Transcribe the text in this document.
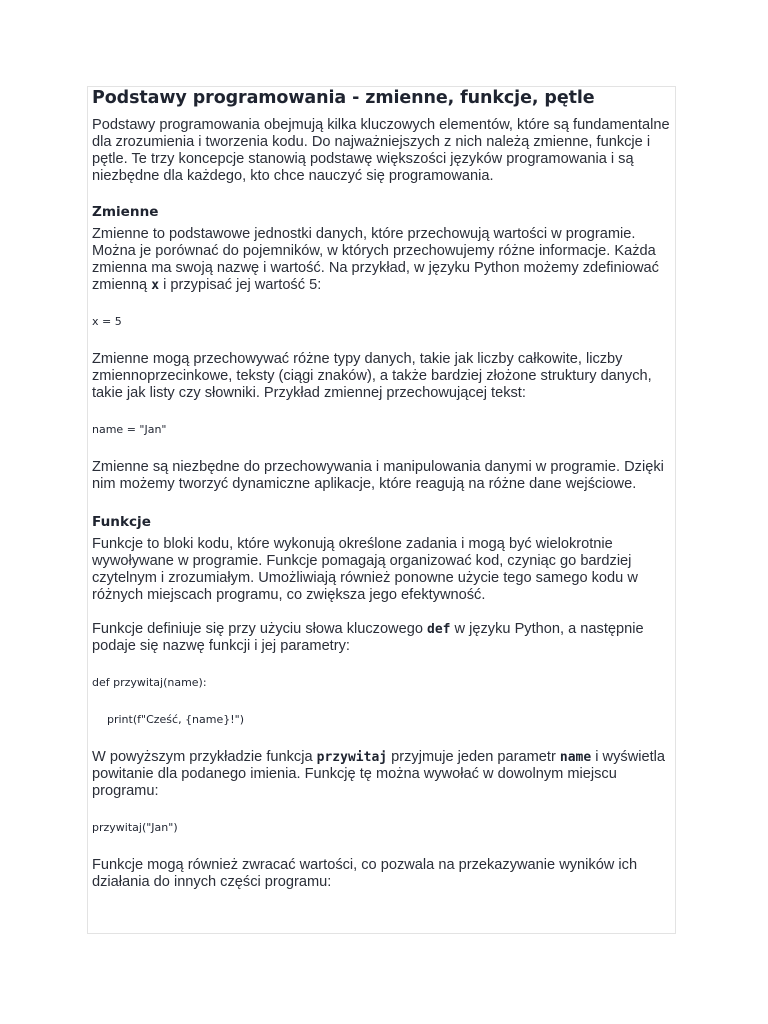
Podstawy programowania - zmienne, funkcje, pętle

Podstawy programowania obejmują kilka kluczowych elementów, które są fundamentalne dla zrozumienia i tworzenia kodu. Do najważniejszych z nich należą zmienne, funkcje i pętle. Te trzy koncepcje stanowią podstawę większości języków programowania i są niezbędne dla każdego, kto chce nauczyć się programowania.

Zmienne

Zmienne to podstawowe jednostki danych, które przechowują wartości w programie. Można je porównać do pojemników, w których przechowujemy różne informacje. Każda zmienna ma swoją nazwę i wartość. Na przykład, w języku Python możemy zdefiniować zmienną x i przypisać jej wartość 5:

x = 5

Zmienne mogą przechowywać różne typy danych, takie jak liczby całkowite, liczby zmiennoprzecinkowe, teksty (ciągi znaków), a także bardziej złożone struktury danych, takie jak listy czy słowniki. Przykład zmiennej przechowującej tekst:

name = "Jan"

Zmienne są niezbędne do przechowywania i manipulowania danymi w programie. Dzięki nim możemy tworzyć dynamiczne aplikacje, które reagują na różne dane wejściowe.

Funkcje

Funkcje to bloki kodu, które wykonują określone zadania i mogą być wielokrotnie wywoływane w programie. Funkcje pomagają organizować kod, czyniąc go bardziej czytelnym i zrozumiałym. Umożliwiają również ponowne użycie tego samego kodu w różnych miejscach programu, co zwiększa jego efektywność.

Funkcje definiuje się przy użyciu słowa kluczowego def w języku Python, a następnie podaje się nazwę funkcji i jej parametry:

def przywitaj(name):
print(f"Cześć, {name}!")

W powyższym przykładzie funkcja przywitaj przyjmuje jeden parametr name i wyświetla powitanie dla podanego imienia. Funkcję tę można wywołać w dowolnym miejscu programu:

przywitaj("Jan")

Funkcje mogą również zwracać wartości, co pozwala na przekazywanie wyników ich działania do innych części programu:
